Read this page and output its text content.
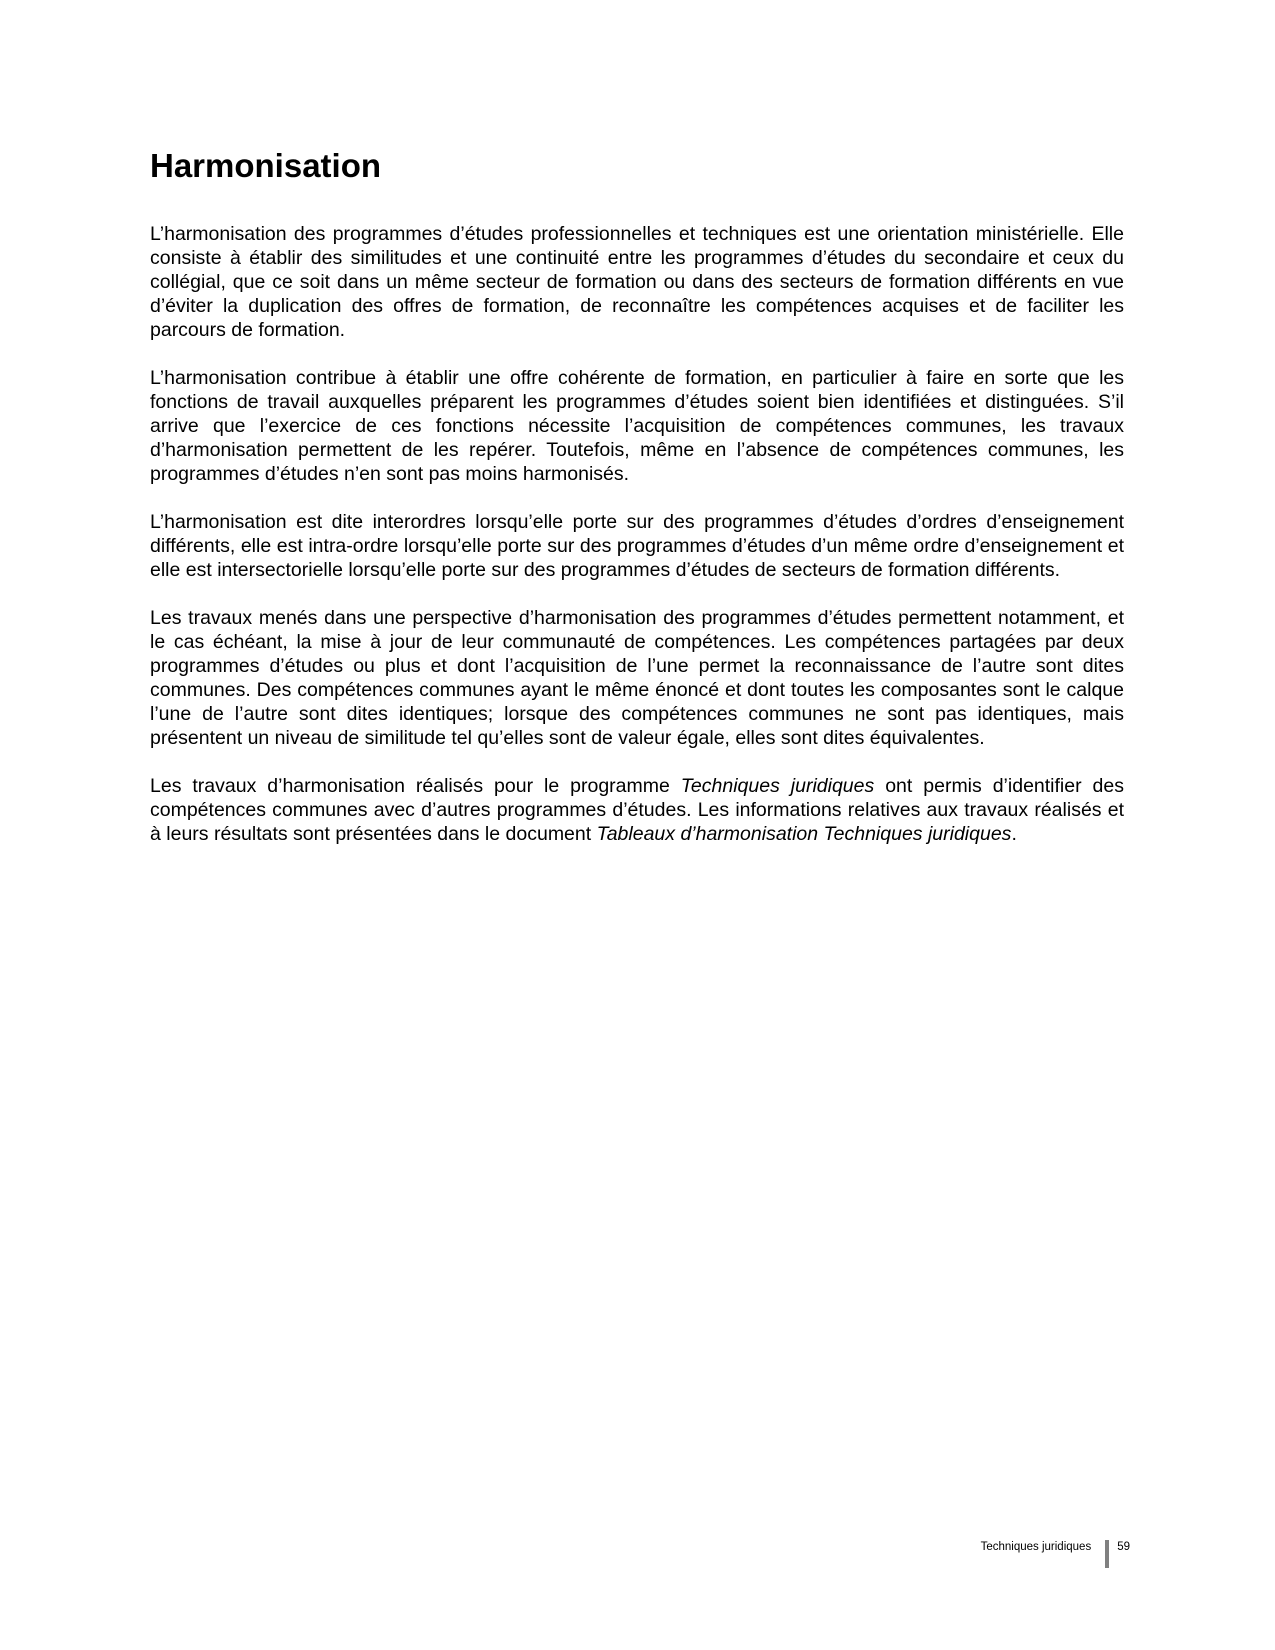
Harmonisation

L’harmonisation des programmes d’études professionnelles et techniques est une orientation ministérielle. Elle consiste à établir des similitudes et une continuité entre les programmes d’études du secondaire et ceux du collégial, que ce soit dans un même secteur de formation ou dans des secteurs de formation différents en vue d’éviter la duplication des offres de formation, de reconnaître les compétences acquises et de faciliter les parcours de formation.

L’harmonisation contribue à établir une offre cohérente de formation, en particulier à faire en sorte que les fonctions de travail auxquelles préparent les programmes d’études soient bien identifiées et distinguées. S’il arrive que l’exercice de ces fonctions nécessite l’acquisition de compétences communes, les travaux d’harmonisation permettent de les repérer. Toutefois, même en l’absence de compétences communes, les programmes d’études n’en sont pas moins harmonisés.

L’harmonisation est dite interordres lorsqu’elle porte sur des programmes d’études d’ordres d’enseignement différents, elle est intra-ordre lorsqu’elle porte sur des programmes d’études d’un même ordre d’enseignement et elle est intersectorielle lorsqu’elle porte sur des programmes d’études de secteurs de formation différents.

Les travaux menés dans une perspective d’harmonisation des programmes d’études permettent notamment, et le cas échéant, la mise à jour de leur communauté de compétences. Les compétences partagées par deux programmes d’études ou plus et dont l’acquisition de l’une permet la reconnaissance de l’autre sont dites communes. Des compétences communes ayant le même énoncé et dont toutes les composantes sont le calque l’une de l’autre sont dites identiques; lorsque des compétences communes ne sont pas identiques, mais présentent un niveau de similitude tel qu’elles sont de valeur égale, elles sont dites équivalentes.

Les travaux d’harmonisation réalisés pour le programme Techniques juridiques ont permis d’identifier des compétences communes avec d’autres programmes d’études. Les informations relatives aux travaux réalisés et à leurs résultats sont présentées dans le document Tableaux d’harmonisation Techniques juridiques.

Techniques juridiques 59
